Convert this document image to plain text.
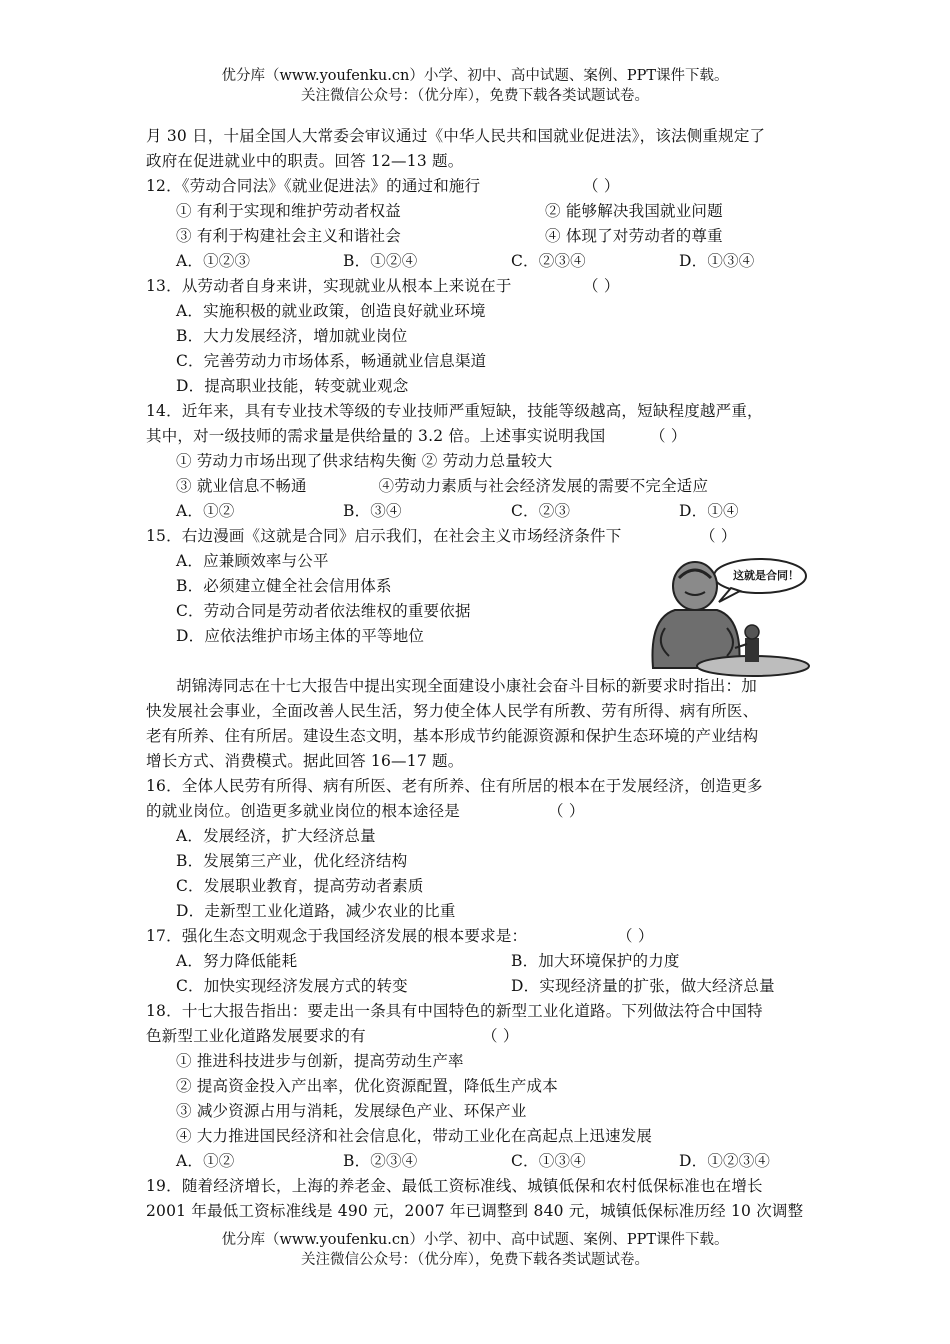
优分库（www.youfenku.cn）小学、初中、高中试题、案例、PPT课件下载。
关注微信公众号：（优分库），免费下载各类试题试卷。
月 30 日，十届全国人大常委会审议通过《中华人民共和国就业促进法》，该法侧重规定了
政府在促进就业中的职责。回答 12—13 题。
12．《劳动合同法》《就业促进法》的通过和施行	（ ）
① 有利于实现和维护劳动者权益	② 能够解决我国就业问题
③ 有利于构建社会主义和谐社会	④ 体现了对劳动者的尊重
A．①②③	B．①②④	C．②③④	D．①③④
13．从劳动者自身来讲，实现就业从根本上来说在于	（ ）
A．实施积极的就业政策，创造良好就业环境
B．大力发展经济，增加就业岗位
C．完善劳动力市场体系，畅通就业信息渠道
D．提高职业技能，转变就业观念
14．近年来，具有专业技术等级的专业技师严重短缺，技能等级越高，短缺程度越严重，
其中，对一级技师的需求量是供给量的 3.2 倍。上述事实说明我国	（ ）
① 劳动力市场出现了供求结构失衡 ② 劳动力总量较大
③ 就业信息不畅通              ④劳动力素质与社会经济发展的需要不完全适应
A．①②	B．③④	C．②③	D．①④
15．右边漫画《这就是合同》启示我们，在社会主义市场经济条件下	（ ）
A．应兼顾效率与公平
B．必须建立健全社会信用体系
C．劳动合同是劳动者依法维权的重要依据
D．应依法维护市场主体的平等地位
这就是合同！
胡锦涛同志在十七大报告中提出实现全面建设小康社会奋斗目标的新要求时指出：加
快发展社会事业，全面改善人民生活，努力使全体人民学有所教、劳有所得、病有所医、
老有所养、住有所居。建设生态文明，基本形成节约能源资源和保护生态环境的产业结构
增长方式、消费模式。据此回答 16—17 题。
16．全体人民劳有所得、病有所医、老有所养、住有所居的根本在于发展经济，创造更多
的就业岗位。创造更多就业岗位的根本途径是	（ ）
A．发展经济，扩大经济总量
B．发展第三产业，优化经济结构
C．发展职业教育，提高劳动者素质
D．走新型工业化道路，减少农业的比重
17．强化生态文明观念于我国经济发展的根本要求是：	（ ）
A．努力降低能耗	B．加大环境保护的力度
C．加快实现经济发展方式的转变	D．实现经济量的扩张，做大经济总量
18．十七大报告指出：要走出一条具有中国特色的新型工业化道路。下列做法符合中国特
色新型工业化道路发展要求的有	（ ）
① 推进科技进步与创新，提高劳动生产率
② 提高资金投入产出率，优化资源配置，降低生产成本
③ 减少资源占用与消耗，发展绿色产业、环保产业
④ 大力推进国民经济和社会信息化，带动工业化在高起点上迅速发展
A．①②	B．②③④	C．①③④	D．①②③④
19．随着经济增长，上海的养老金、最低工资标准线、城镇低保和农村低保标准也在增长
2001 年最低工资标准线是 490 元，2007 年已调整到 840 元，城镇低保标准历经 10 次调整
优分库（www.youfenku.cn）小学、初中、高中试题、案例、PPT课件下载。
关注微信公众号：（优分库），免费下载各类试题试卷。
